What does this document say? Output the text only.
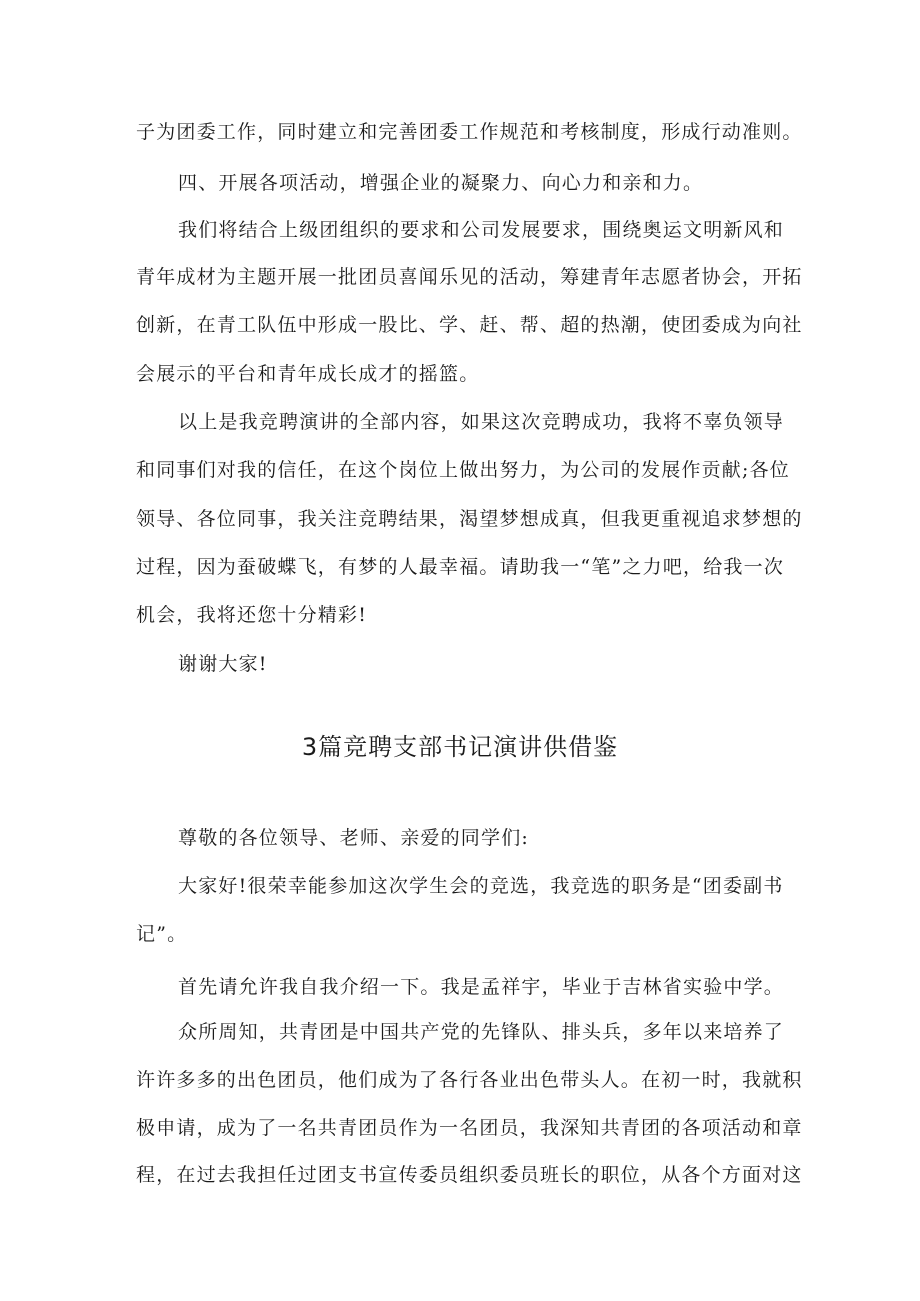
子为团委工作，同时建立和完善团委工作规范和考核制度，形成行动准则。
四、开展各项活动，增强企业的凝聚力、向心力和亲和力。
我们将结合上级团组织的要求和公司发展要求，围绕奥运文明新风和
青年成材为主题开展一批团员喜闻乐见的活动，筹建青年志愿者协会，开拓
创新，在青工队伍中形成一股比、学、赶、帮、超的热潮，使团委成为向社
会展示的平台和青年成长成才的摇篮。
以上是我竞聘演讲的全部内容，如果这次竞聘成功，我将不辜负领导
和同事们对我的信任，在这个岗位上做出努力，为公司的发展作贡献;各位
领导、各位同事，我关注竞聘结果，渴望梦想成真，但我更重视追求梦想的
过程，因为蚕破蝶飞，有梦的人最幸福。请助我一“笔”之力吧，给我一次
机会，我将还您十分精彩!
谢谢大家!
3篇竞聘支部书记演讲供借鉴
尊敬的各位领导、老师、亲爱的同学们:
大家好!很荣幸能参加这次学生会的竞选，我竞选的职务是“团委副书
记”。
首先请允许我自我介绍一下。我是孟祥宇，毕业于吉林省实验中学。
众所周知，共青团是中国共产党的先锋队、排头兵，多年以来培养了
许许多多的出色团员，他们成为了各行各业出色带头人。在初一时，我就积
极申请，成为了一名共青团员作为一名团员，我深知共青团的各项活动和章
程，在过去我担任过团支书宣传委员组织委员班长的职位，从各个方面对这
